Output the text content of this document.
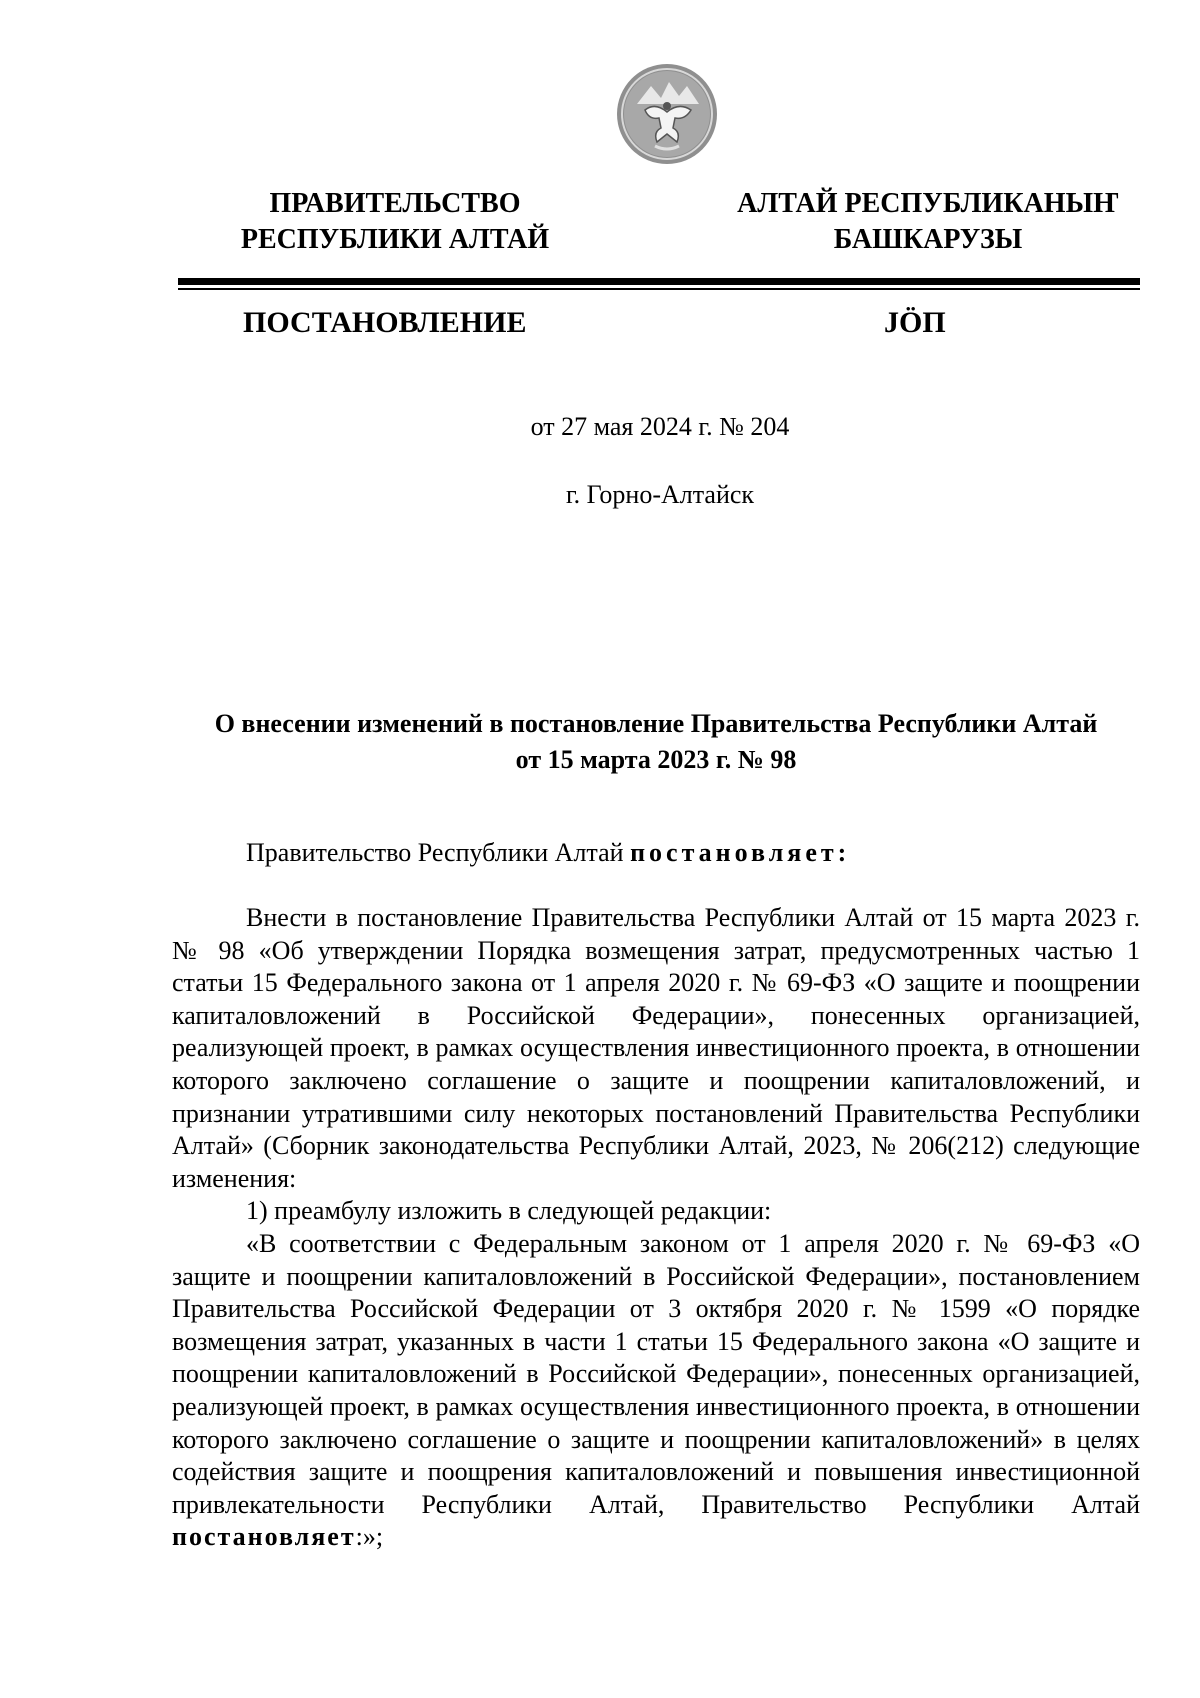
ПРАВИТЕЛЬСТВО
РЕСПУБЛИКИ АЛТАЙ
АЛТАЙ РЕСПУБЛИКАНЫҤ
БАШКАРУЗЫ
ПОСТАНОВЛЕНИЕ	JӦП
от 27 мая 2024 г. № 204
г. Горно-Алтайск
О внесении изменений в постановление Правительства Республики Алтай
от 15 марта 2023 г. № 98
Правительство Республики Алтай постановляет:

Внести в постановление Правительства Республики Алтай от 15 марта 2023 г. № 98 «Об утверждении Порядка возмещения затрат, предусмотренных частью 1 статьи 15 Федерального закона от 1 апреля 2020 г. № 69-ФЗ «О защите и поощрении капиталовложений в Российской Федерации», понесенных организацией, реализующей проект, в рамках осуществления инвестиционного проекта, в отношении которого заключено соглашение о защите и поощрении капиталовложений, и признании утратившими силу некоторых постановлений Правительства Республики Алтай» (Сборник законодательства Республики Алтай, 2023, № 206(212) следующие изменения:

1) преамбулу изложить в следующей редакции:

«В соответствии с Федеральным законом от 1 апреля 2020 г. № 69-ФЗ «О защите и поощрении капиталовложений в Российской Федерации», постановлением Правительства Российской Федерации от 3 октября 2020 г. № 1599 «О порядке возмещения затрат, указанных в части 1 статьи 15 Федерального закона «О защите и поощрении капиталовложений в Российской Федерации», понесенных организацией, реализующей проект, в рамках осуществления инвестиционного проекта, в отношении которого заключено соглашение о защите и поощрении капиталовложений» в целях содействия защите и поощрения капиталовложений и повышения инвестиционной привлекательности Республики Алтай, Правительство Республики Алтай постановляет:»;
